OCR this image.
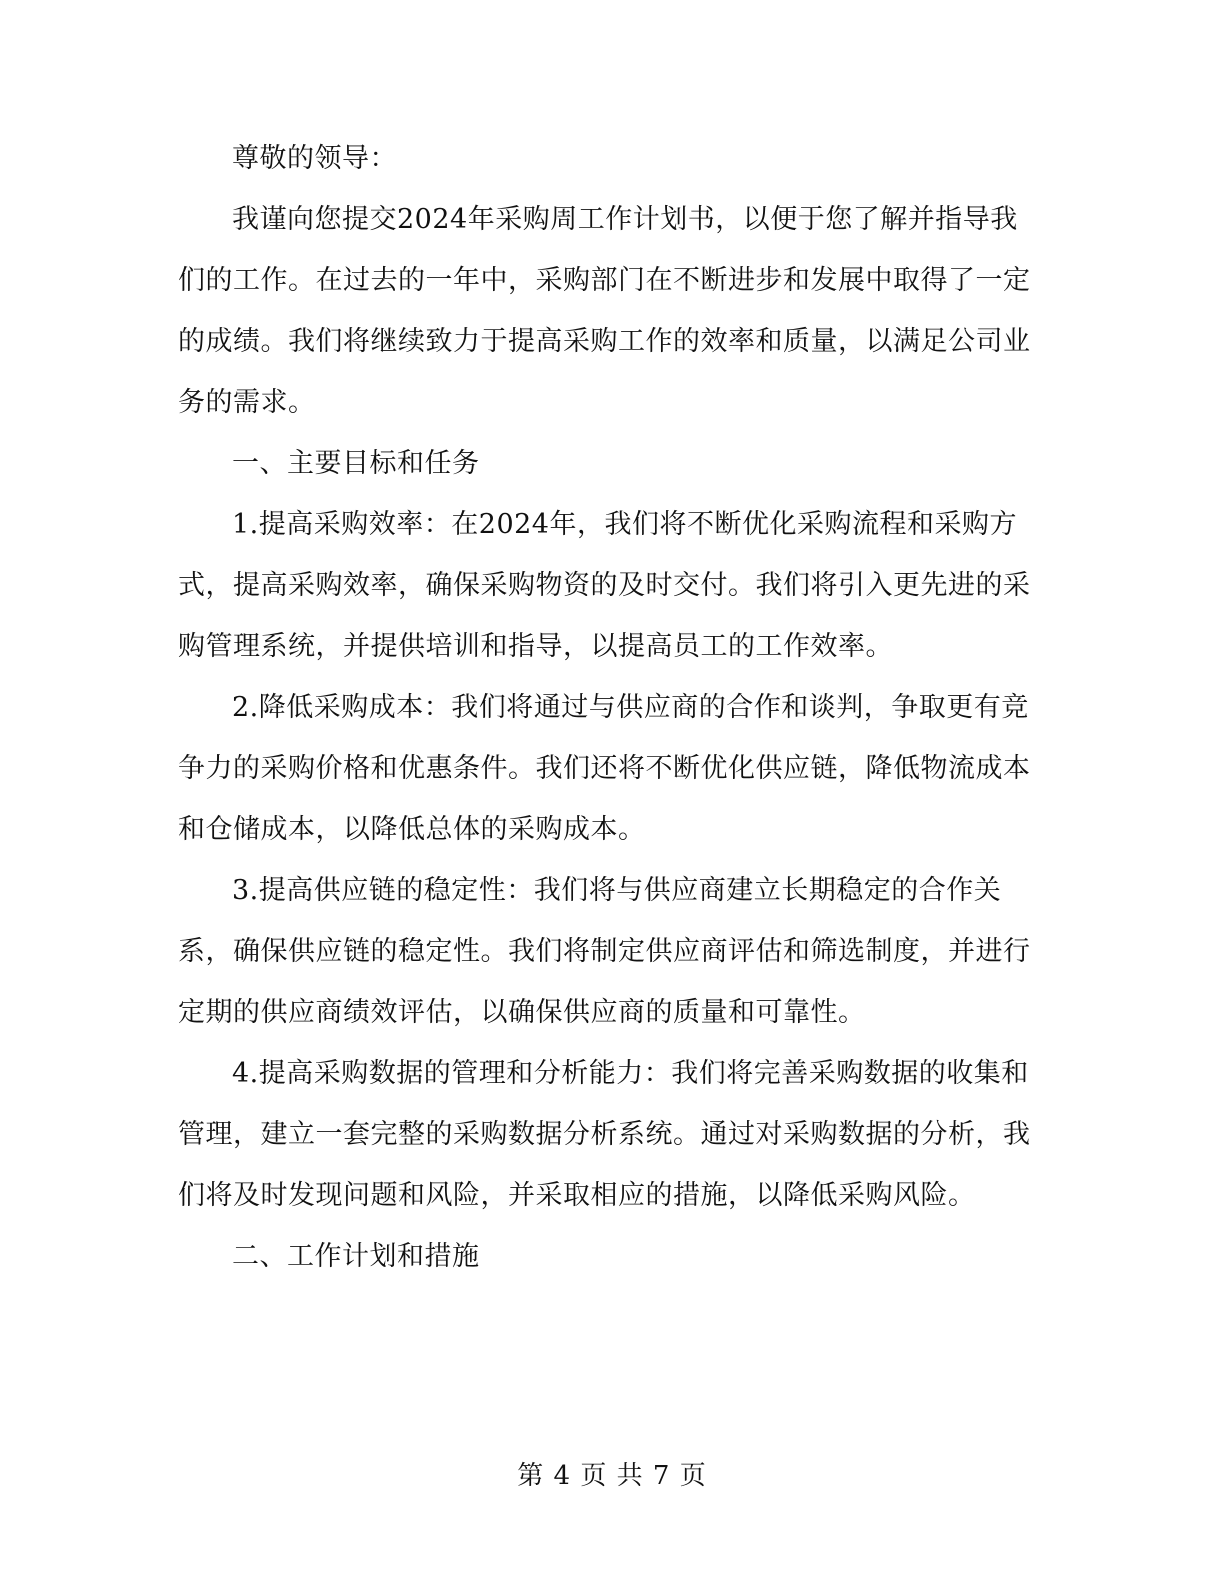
尊敬的领导：

我谨向您提交2024年采购周工作计划书，以便于您了解并指导我们的工作。在过去的一年中，采购部门在不断进步和发展中取得了一定的成绩。我们将继续致力于提高采购工作的效率和质量，以满足公司业务的需求。

一、主要目标和任务

1.提高采购效率：在2024年，我们将不断优化采购流程和采购方式，提高采购效率，确保采购物资的及时交付。我们将引入更先进的采购管理系统，并提供培训和指导，以提高员工的工作效率。

2.降低采购成本：我们将通过与供应商的合作和谈判，争取更有竞争力的采购价格和优惠条件。我们还将不断优化供应链，降低物流成本和仓储成本，以降低总体的采购成本。

3.提高供应链的稳定性：我们将与供应商建立长期稳定的合作关系，确保供应链的稳定性。我们将制定供应商评估和筛选制度，并进行定期的供应商绩效评估，以确保供应商的质量和可靠性。

4.提高采购数据的管理和分析能力：我们将完善采购数据的收集和管理，建立一套完整的采购数据分析系统。通过对采购数据的分析，我们将及时发现问题和风险，并采取相应的措施，以降低采购风险。

二、工作计划和措施

第 4 页 共 7 页
